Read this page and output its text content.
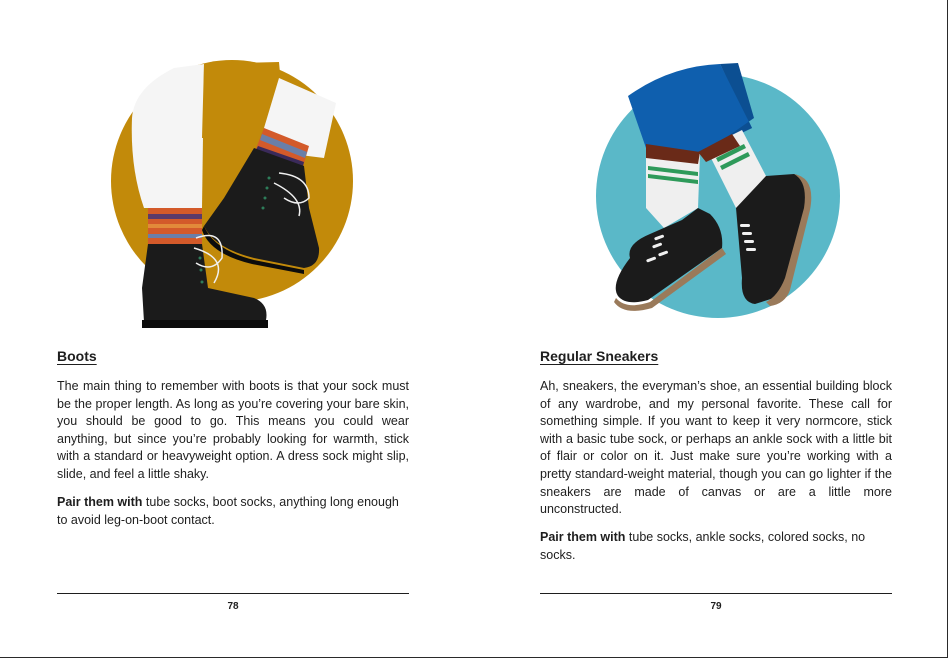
Boots

The main thing to remember with boots is that your sock must be the proper length. As long as you’re covering your bare skin, you should be good to go. This means you could wear anything, but since you’re probably looking for warmth, stick with a standard or heavyweight option. A dress sock might slip, slide, and feel a little shaky.

Pair them with tube socks, boot socks, anything long enough to avoid leg-on-boot contact.

78
Regular Sneakers

Ah, sneakers, the everyman’s shoe, an essential building block of any wardrobe, and my personal favorite. These call for something simple. If you want to keep it very normcore, stick with a basic tube sock, or perhaps an ankle sock with a little bit of flair or color on it. Just make sure you’re working with a pretty standard-weight material, though you can go lighter if the sneakers are made of canvas or are a little more unconstructed.

Pair them with tube socks, ankle socks, colored socks, no socks.

79
